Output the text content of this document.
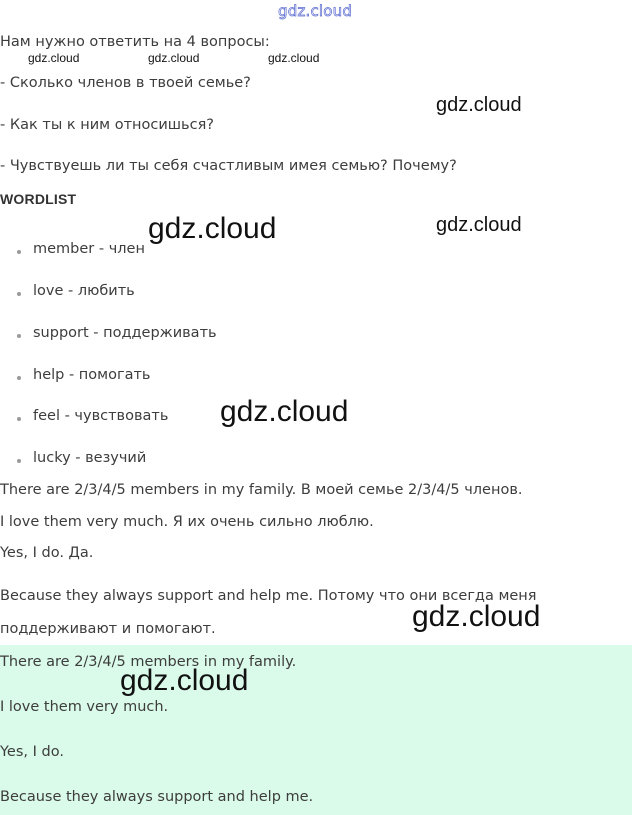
gdz.cloud
Нам нужно ответить на 4 вопросы:
gdz.cloud	gdz.cloud	gdz.cloud
- Сколько членов в твоей семье?
- Как ты к ним относишься?
- Чувствуешь ли ты себя счастливым имея семью? Почему?
gdz.cloud
gdz.cloud
WORDLIST
member - член
love - любить
support - поддерживать
help - помогать
feel - чувствовать
lucky - везучий
gdz.cloud
gdz.cloud
There are 2/3/4/5 members in my family. В моей семье 2/3/4/5 членов.
I love them very much. Я их очень сильно люблю.
Yes, I do. Да.
Because they always support and help me. Потому что они всегда меня
поддерживают и помогают.	gdz.cloud
There are 2/3/4/5 members in my family.
I love them very much.
Yes, I do.
Because they always support and help me.
gdz.cloud
